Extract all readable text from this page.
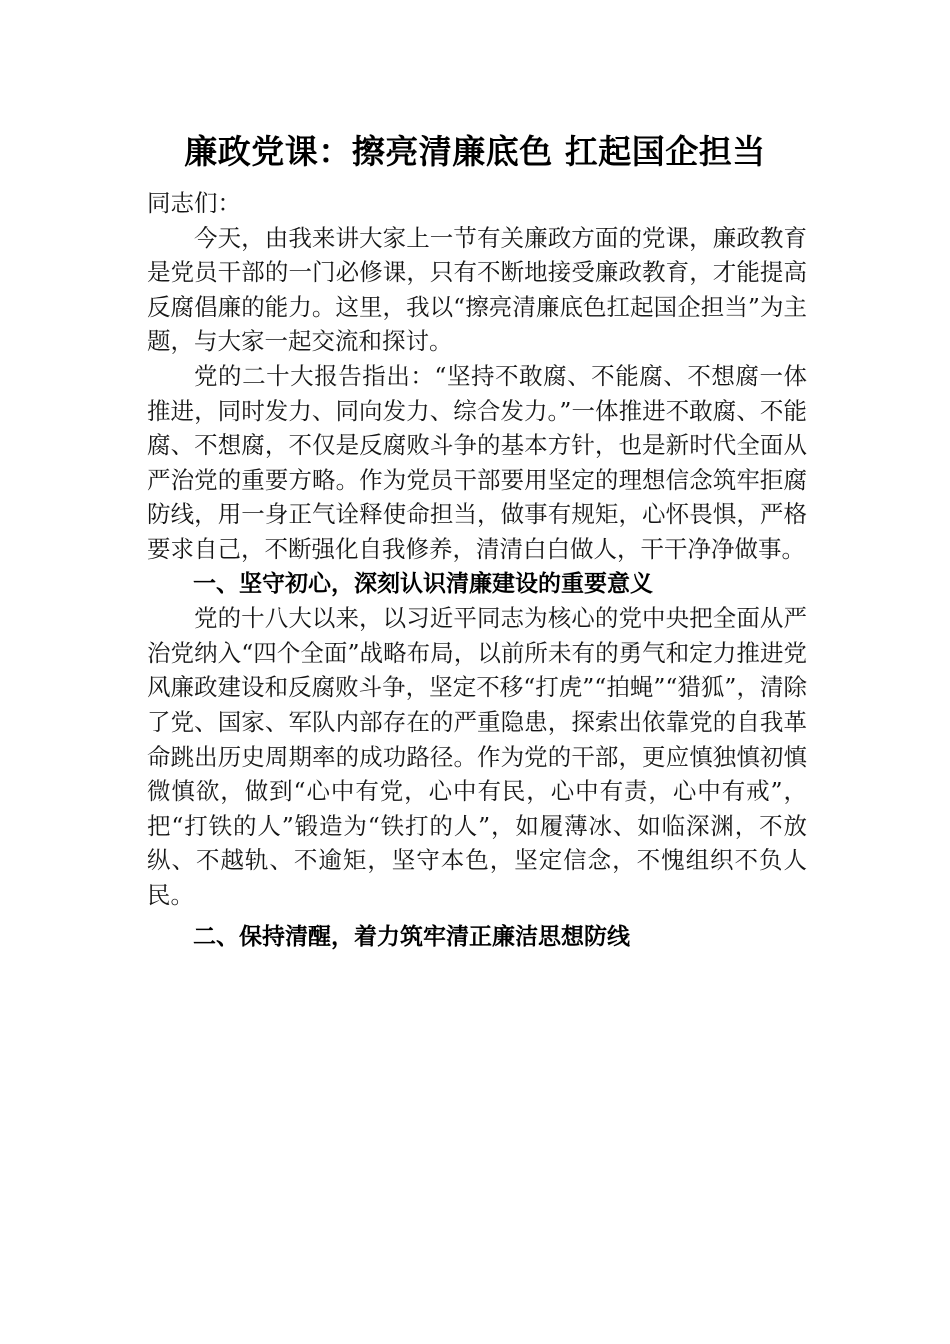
廉政党课：擦亮清廉底色 扛起国企担当

同志们：

今天，由我来讲大家上一节有关廉政方面的党课，廉政教育是党员干部的一门必修课，只有不断地接受廉政教育，才能提高反腐倡廉的能力。这里，我以“擦亮清廉底色扛起国企担当”为主题，与大家一起交流和探讨。

党的二十大报告指出：“坚持不敢腐、不能腐、不想腐一体推进，同时发力、同向发力、综合发力。”一体推进不敢腐、不能腐、不想腐，不仅是反腐败斗争的基本方针，也是新时代全面从严治党的重要方略。作为党员干部要用坚定的理想信念筑牢拒腐防线，用一身正气诠释使命担当，做事有规矩，心怀畏惧，严格要求自己，不断强化自我修养，清清白白做人，干干净净做事。

一、坚守初心，深刻认识清廉建设的重要意义

党的十八大以来，以习近平同志为核心的党中央把全面从严治党纳入“四个全面”战略布局，以前所未有的勇气和定力推进党风廉政建设和反腐败斗争，坚定不移“打虎”“拍蝇”“猎狐”，清除了党、国家、军队内部存在的严重隐患，探索出依靠党的自我革命跳出历史周期率的成功路径。作为党的干部，更应慎独慎初慎微慎欲，做到“心中有党，心中有民，心中有责，心中有戒”，把“打铁的人”锻造为“铁打的人”，如履薄冰、如临深渊，不放纵、不越轨、不逾矩，坚守本色，坚定信念，不愧组织不负人民。

二、保持清醒，着力筑牢清正廉洁思想防线
